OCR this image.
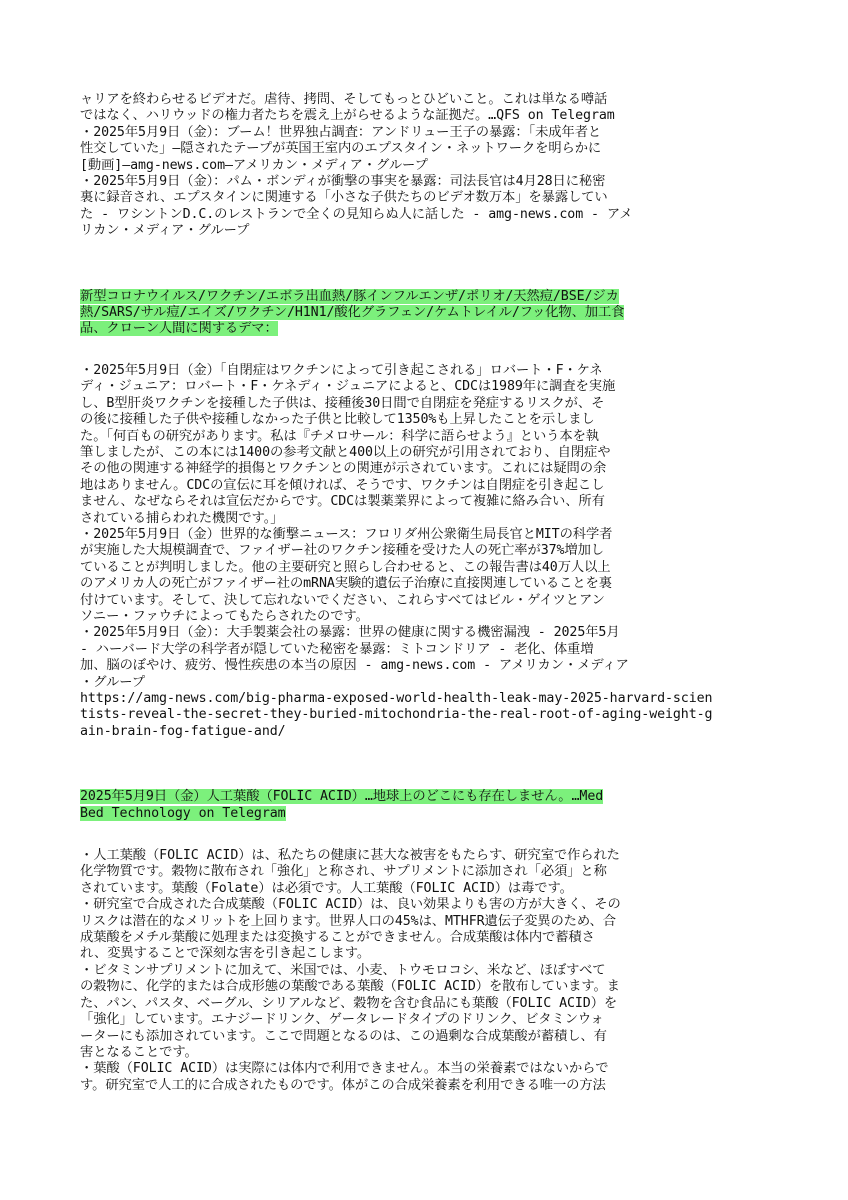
ャリアを終わらせるビデオだ。虐待、拷問、そしてもっとひどいこと。これは単なる噂話
ではなく、ハリウッドの権力者たちを震え上がらせるような証拠だ。…QFS on Telegram
・2025年5月9日（金）：ブーム！世界独占調査：アンドリュー王子の暴露：「未成年者と
性交していた」―隠されたテープが英国王室内のエプスタイン・ネットワークを明らかに
[動画]―amg-news.com―アメリカン・メディア・グループ
・2025年5月9日（金）：パム・ボンディが衝撃の事実を暴露：司法長官は4月28日に秘密
裏に録音され、エプスタインに関連する「小さな子供たちのビデオ数万本」を暴露してい
た - ワシントンD.C.のレストランで全くの見知らぬ人に話した - amg-news.com - アメ
リカン・メディア・グループ
新型コロナウイルス/ワクチン/エボラ出血熱/豚インフルエンザ/ポリオ/天然痘/BSE/ジカ
熱/SARS/サル痘/エイズ/ワクチン/H1N1/酸化グラフェン/ケムトレイル/フッ化物、加工食
品、クローン人間に関するデマ：
・2025年5月9日（金）「自閉症はワクチンによって引き起こされる」ロバート・F・ケネ
ディ・ジュニア：ロバート・F・ケネディ・ジュニアによると、CDCは1989年に調査を実施
し、B型肝炎ワクチンを接種した子供は、接種後30日間で自閉症を発症するリスクが、そ
の後に接種した子供や接種しなかった子供と比較して1350%も上昇したことを示しまし
た。「何百もの研究があります。私は『チメロサール：科学に語らせよう』という本を執
筆しましたが、この本には1400の参考文献と400以上の研究が引用されており、自閉症や
その他の関連する神経学的損傷とワクチンとの関連が示されています。これには疑問の余
地はありません。CDCの宣伝に耳を傾ければ、そうです、ワクチンは自閉症を引き起こし
ません、なぜならそれは宣伝だからです。CDCは製薬業界によって複雑に絡み合い、所有
されている捕らわれた機関です。」
・2025年5月9日（金）世界的な衝撃ニュース：フロリダ州公衆衛生局長官とMITの科学者
が実施した大規模調査で、ファイザー社のワクチン接種を受けた人の死亡率が37%増加し
ていることが判明しました。他の主要研究と照らし合わせると、この報告書は40万人以上
のアメリカ人の死亡がファイザー社のmRNA実験的遺伝子治療に直接関連していることを裏
付けています。そして、決して忘れないでください、これらすべてはビル・ゲイツとアン
ソニー・ファウチによってもたらされたのです。
・2025年5月9日（金）：大手製薬会社の暴露：世界の健康に関する機密漏洩 - 2025年5月
- ハーバード大学の科学者が隠していた秘密を暴露：ミトコンドリア - 老化、体重増
加、脳のぼやけ、疲労、慢性疾患の本当の原因 - amg-news.com - アメリカン・メディア
・グループ
https://amg-news.com/big-pharma-exposed-world-health-leak-may-2025-harvard-scien
tists-reveal-the-secret-they-buried-mitochondria-the-real-root-of-aging-weight-g
ain-brain-fog-fatigue-and/
2025年5月9日（金）人工葉酸（FOLIC ACID）…地球上のどこにも存在しません。…Med
Bed Technology on Telegram
・人工葉酸（FOLIC ACID）は、私たちの健康に甚大な被害をもたらす、研究室で作られた
化学物質です。穀物に散布され「強化」と称され、サプリメントに添加され「必須」と称
されています。葉酸（Folate）は必須です。人工葉酸（FOLIC ACID）は毒です。
・研究室で合成された合成葉酸（FOLIC ACID）は、良い効果よりも害の方が大きく、その
リスクは潜在的なメリットを上回ります。世界人口の45%は、MTHFR遺伝子変異のため、合
成葉酸をメチル葉酸に処理または変換することができません。合成葉酸は体内で蓄積さ
れ、変異することで深刻な害を引き起こします。
・ビタミンサプリメントに加えて、米国では、小麦、トウモロコシ、米など、ほぼすべて
の穀物に、化学的または合成形態の葉酸である葉酸（FOLIC ACID）を散布しています。ま
た、パン、パスタ、ベーグル、シリアルなど、穀物を含む食品にも葉酸（FOLIC ACID）を
「強化」しています。エナジードリンク、ゲータレードタイプのドリンク、ビタミンウォ
ーターにも添加されています。ここで問題となるのは、この過剰な合成葉酸が蓄積し、有
害となることです。
・葉酸（FOLIC ACID）は実際には体内で利用できません。本当の栄養素ではないからで
す。研究室で人工的に合成されたものです。体がこの合成栄養素を利用できる唯一の方法
